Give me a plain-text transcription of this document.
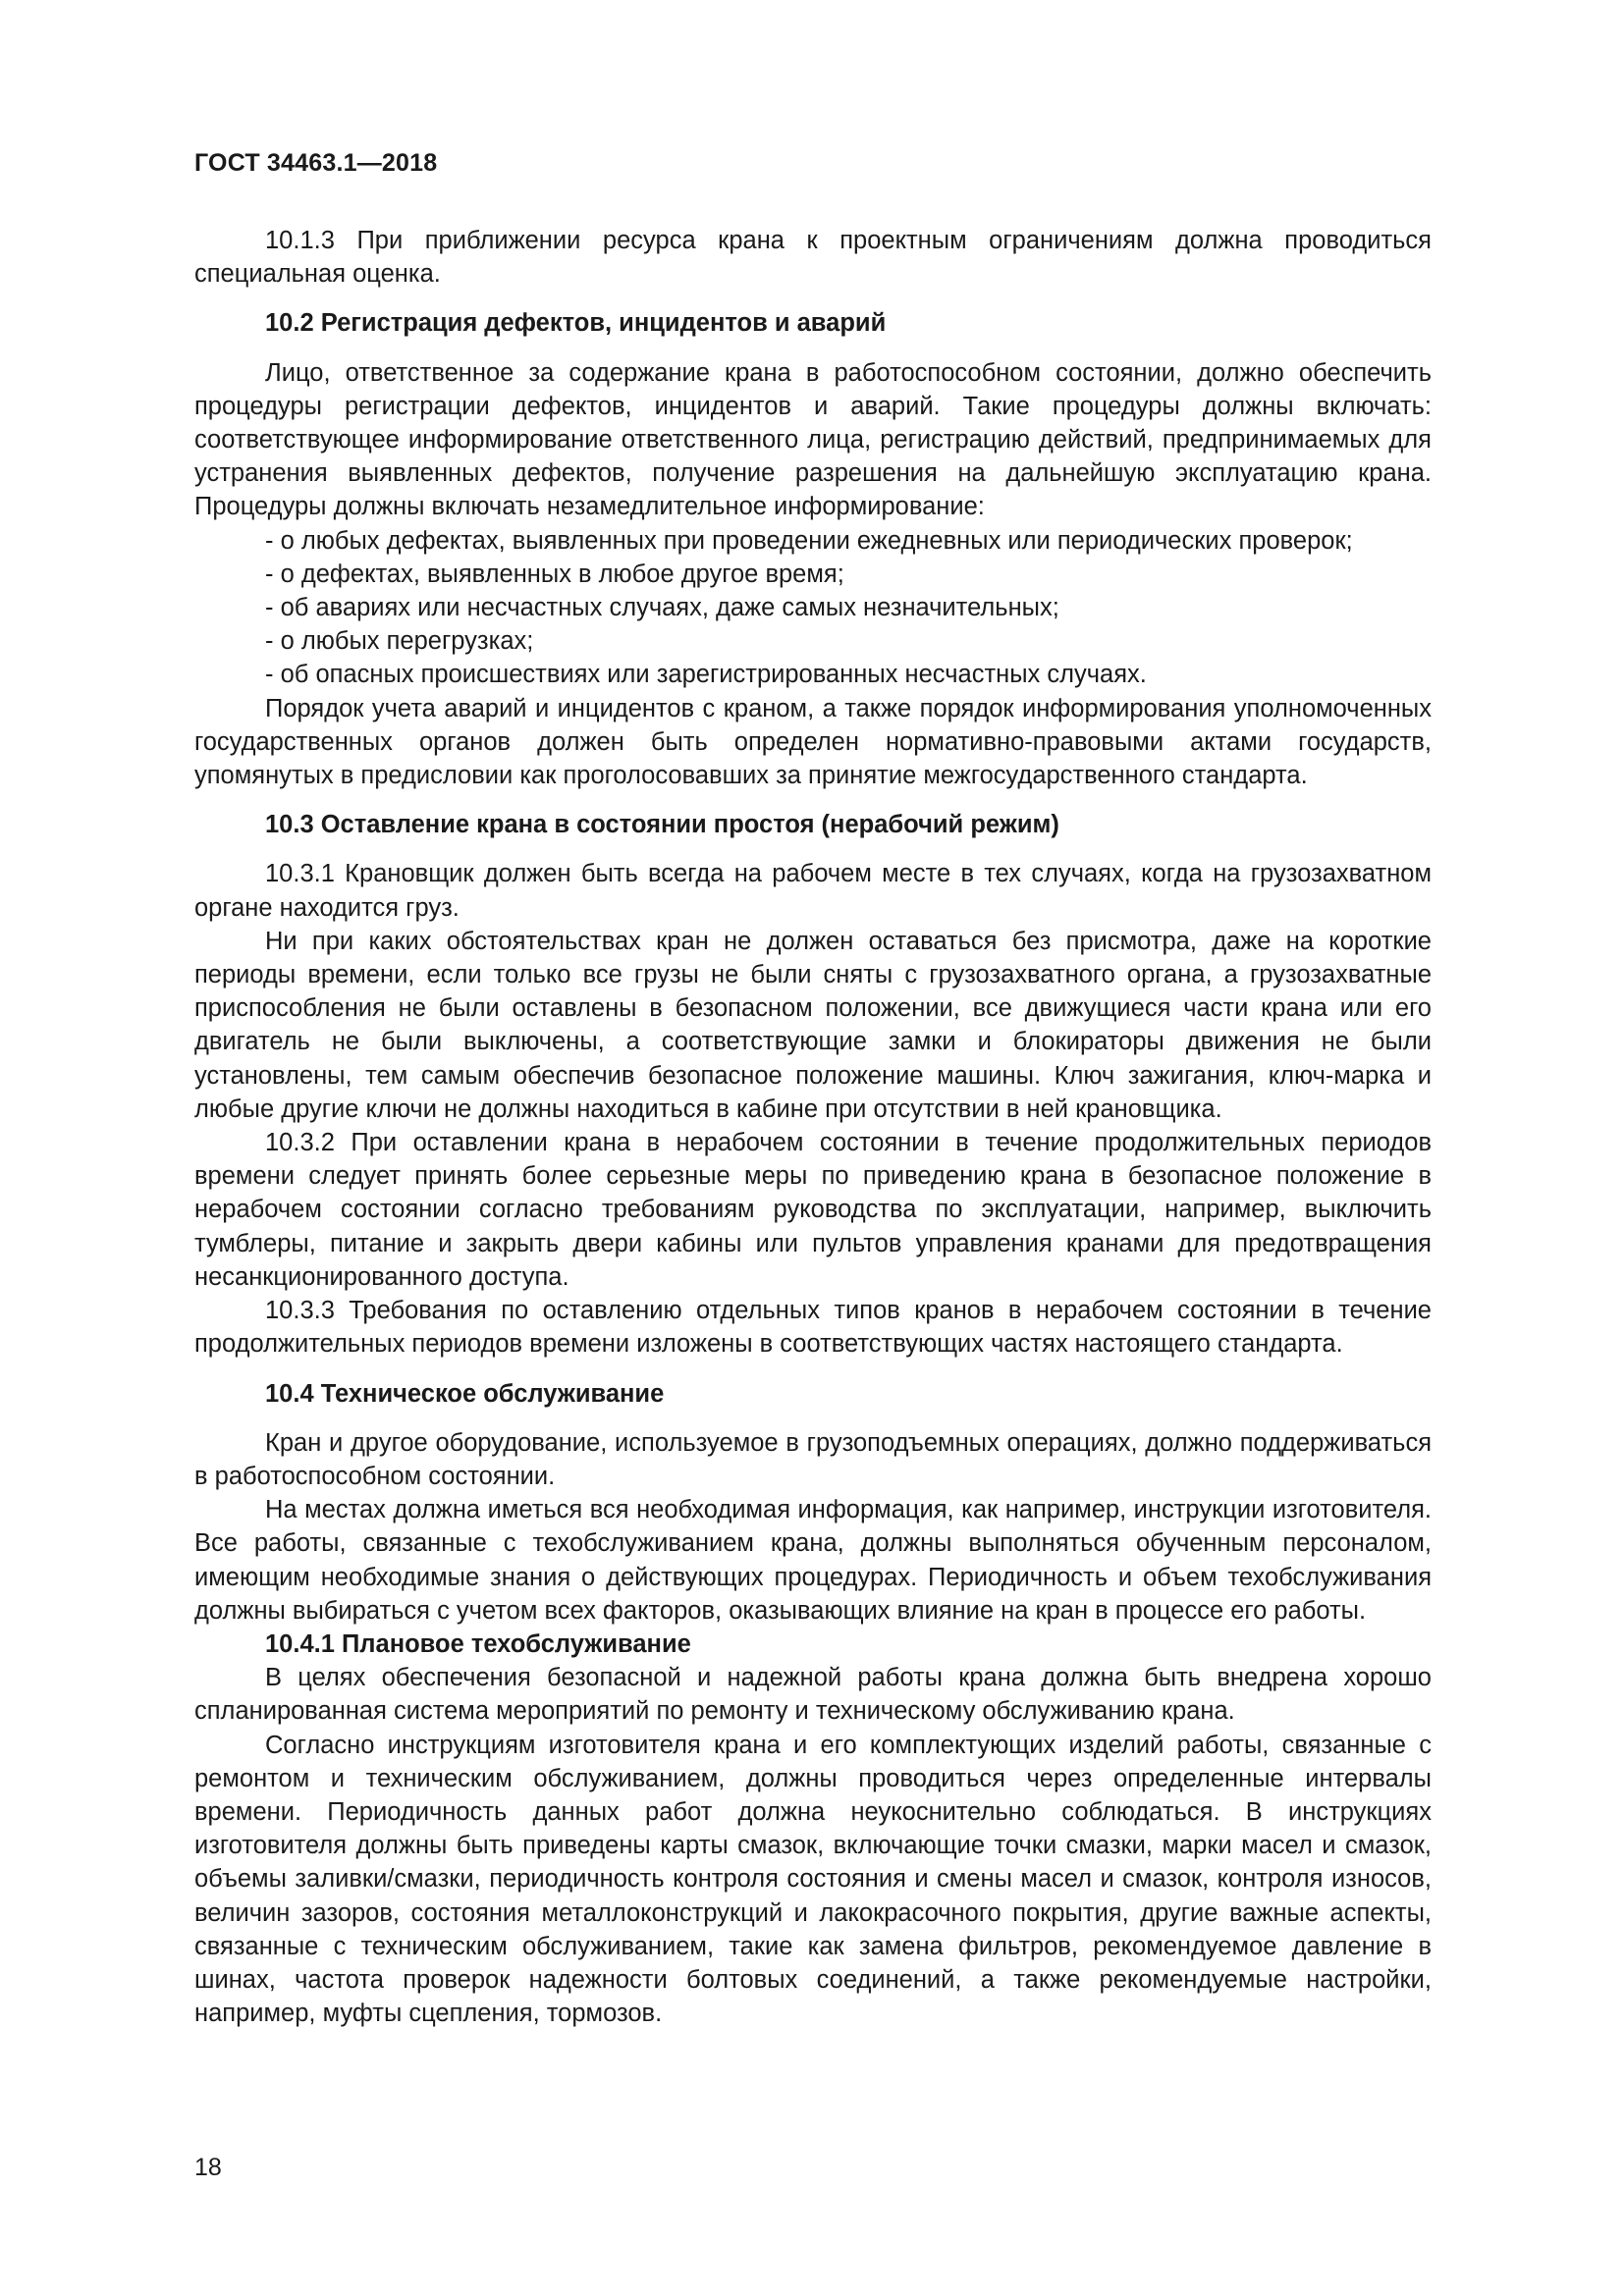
ГОСТ 34463.1—2018

10.1.3 При приближении ресурса крана к проектным ограничениям должна проводиться специальная оценка.

10.2 Регистрация дефектов, инцидентов и аварий

Лицо, ответственное за содержание крана в работоспособном состоянии, должно обеспечить процедуры регистрации дефектов, инцидентов и аварий. Такие процедуры должны включать: соответствующее информирование ответственного лица, регистрацию действий, предпринимаемых для устранения выявленных дефектов, получение разрешения на дальнейшую эксплуатацию крана. Процедуры должны включать незамедлительное информирование:

- о любых дефектах, выявленных при проведении ежедневных или периодических проверок;

- о дефектах, выявленных в любое другое время;

- об авариях или несчастных случаях, даже самых незначительных;

- о любых перегрузках;

- об опасных происшествиях или зарегистрированных несчастных случаях.

Порядок учета аварий и инцидентов с краном, а также порядок информирования уполномоченных государственных органов должен быть определен нормативно-правовыми актами государств, упомянутых в предисловии как проголосовавших за принятие межгосударственного стандарта.

10.3 Оставление крана в состоянии простоя (нерабочий режим)

10.3.1 Крановщик должен быть всегда на рабочем месте в тех случаях, когда на грузозахватном органе находится груз.

Ни при каких обстоятельствах кран не должен оставаться без присмотра, даже на короткие периоды времени, если только все грузы не были сняты с грузозахватного органа, а грузозахватные приспособления не были оставлены в безопасном положении, все движущиеся части крана или его двигатель не были выключены, а соответствующие замки и блокираторы движения не были установлены, тем самым обеспечив безопасное положение машины. Ключ зажигания, ключ-марка и любые другие ключи не должны находиться в кабине при отсутствии в ней крановщика.

10.3.2 При оставлении крана в нерабочем состоянии в течение продолжительных периодов времени следует принять более серьезные меры по приведению крана в безопасное положение в нерабочем состоянии согласно требованиям руководства по эксплуатации, например, выключить тумблеры, питание и закрыть двери кабины или пультов управления кранами для предотвращения несанкционированного доступа.

10.3.3 Требования по оставлению отдельных типов кранов в нерабочем состоянии в течение продолжительных периодов времени изложены в соответствующих частях настоящего стандарта.

10.4 Техническое обслуживание

Кран и другое оборудование, используемое в грузоподъемных операциях, должно поддерживаться в работоспособном состоянии.

На местах должна иметься вся необходимая информация, как например, инструкции изготовителя. Все работы, связанные с техобслуживанием крана, должны выполняться обученным персоналом, имеющим необходимые знания о действующих процедурах. Периодичность и объем техобслуживания должны выбираться с учетом всех факторов, оказывающих влияние на кран в процессе его работы.

10.4.1 Плановое техобслуживание

В целях обеспечения безопасной и надежной работы крана должна быть внедрена хорошо спланированная система мероприятий по ремонту и техническому обслуживанию крана.

Согласно инструкциям изготовителя крана и его комплектующих изделий работы, связанные с ремонтом и техническим обслуживанием, должны проводиться через определенные интервалы времени. Периодичность данных работ должна неукоснительно соблюдаться. В инструкциях изготовителя должны быть приведены карты смазок, включающие точки смазки, марки масел и смазок, объемы заливки/смазки, периодичность контроля состояния и смены масел и смазок, контроля износов, величин зазоров, состояния металлоконструкций и лакокрасочного покрытия, другие важные аспекты, связанные с техническим обслуживанием, такие как замена фильтров, рекомендуемое давление в шинах, частота проверок надежности болтовых соединений, а также рекомендуемые настройки, например, муфты сцепления, тормозов.

18
